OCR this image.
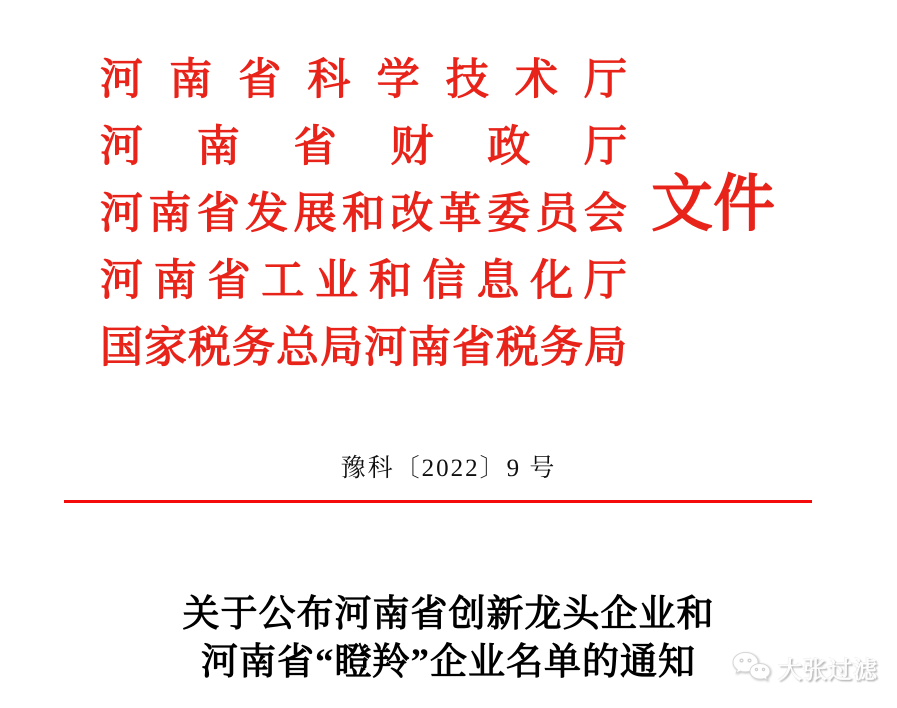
河 南 省 科 学 技 术 厅
河 南 省 财 政 厅
河 南 省 发 展 和 改 革 委 员 会
河 南 省 工 业 和 信 息 化 厅
国 家 税 务 总 局 河 南 省 税 务 局
文件
豫科〔2022〕9 号
关于公布河南省创新龙头企业和
河南省“瞪羚”企业名单的通知	大张过滤
